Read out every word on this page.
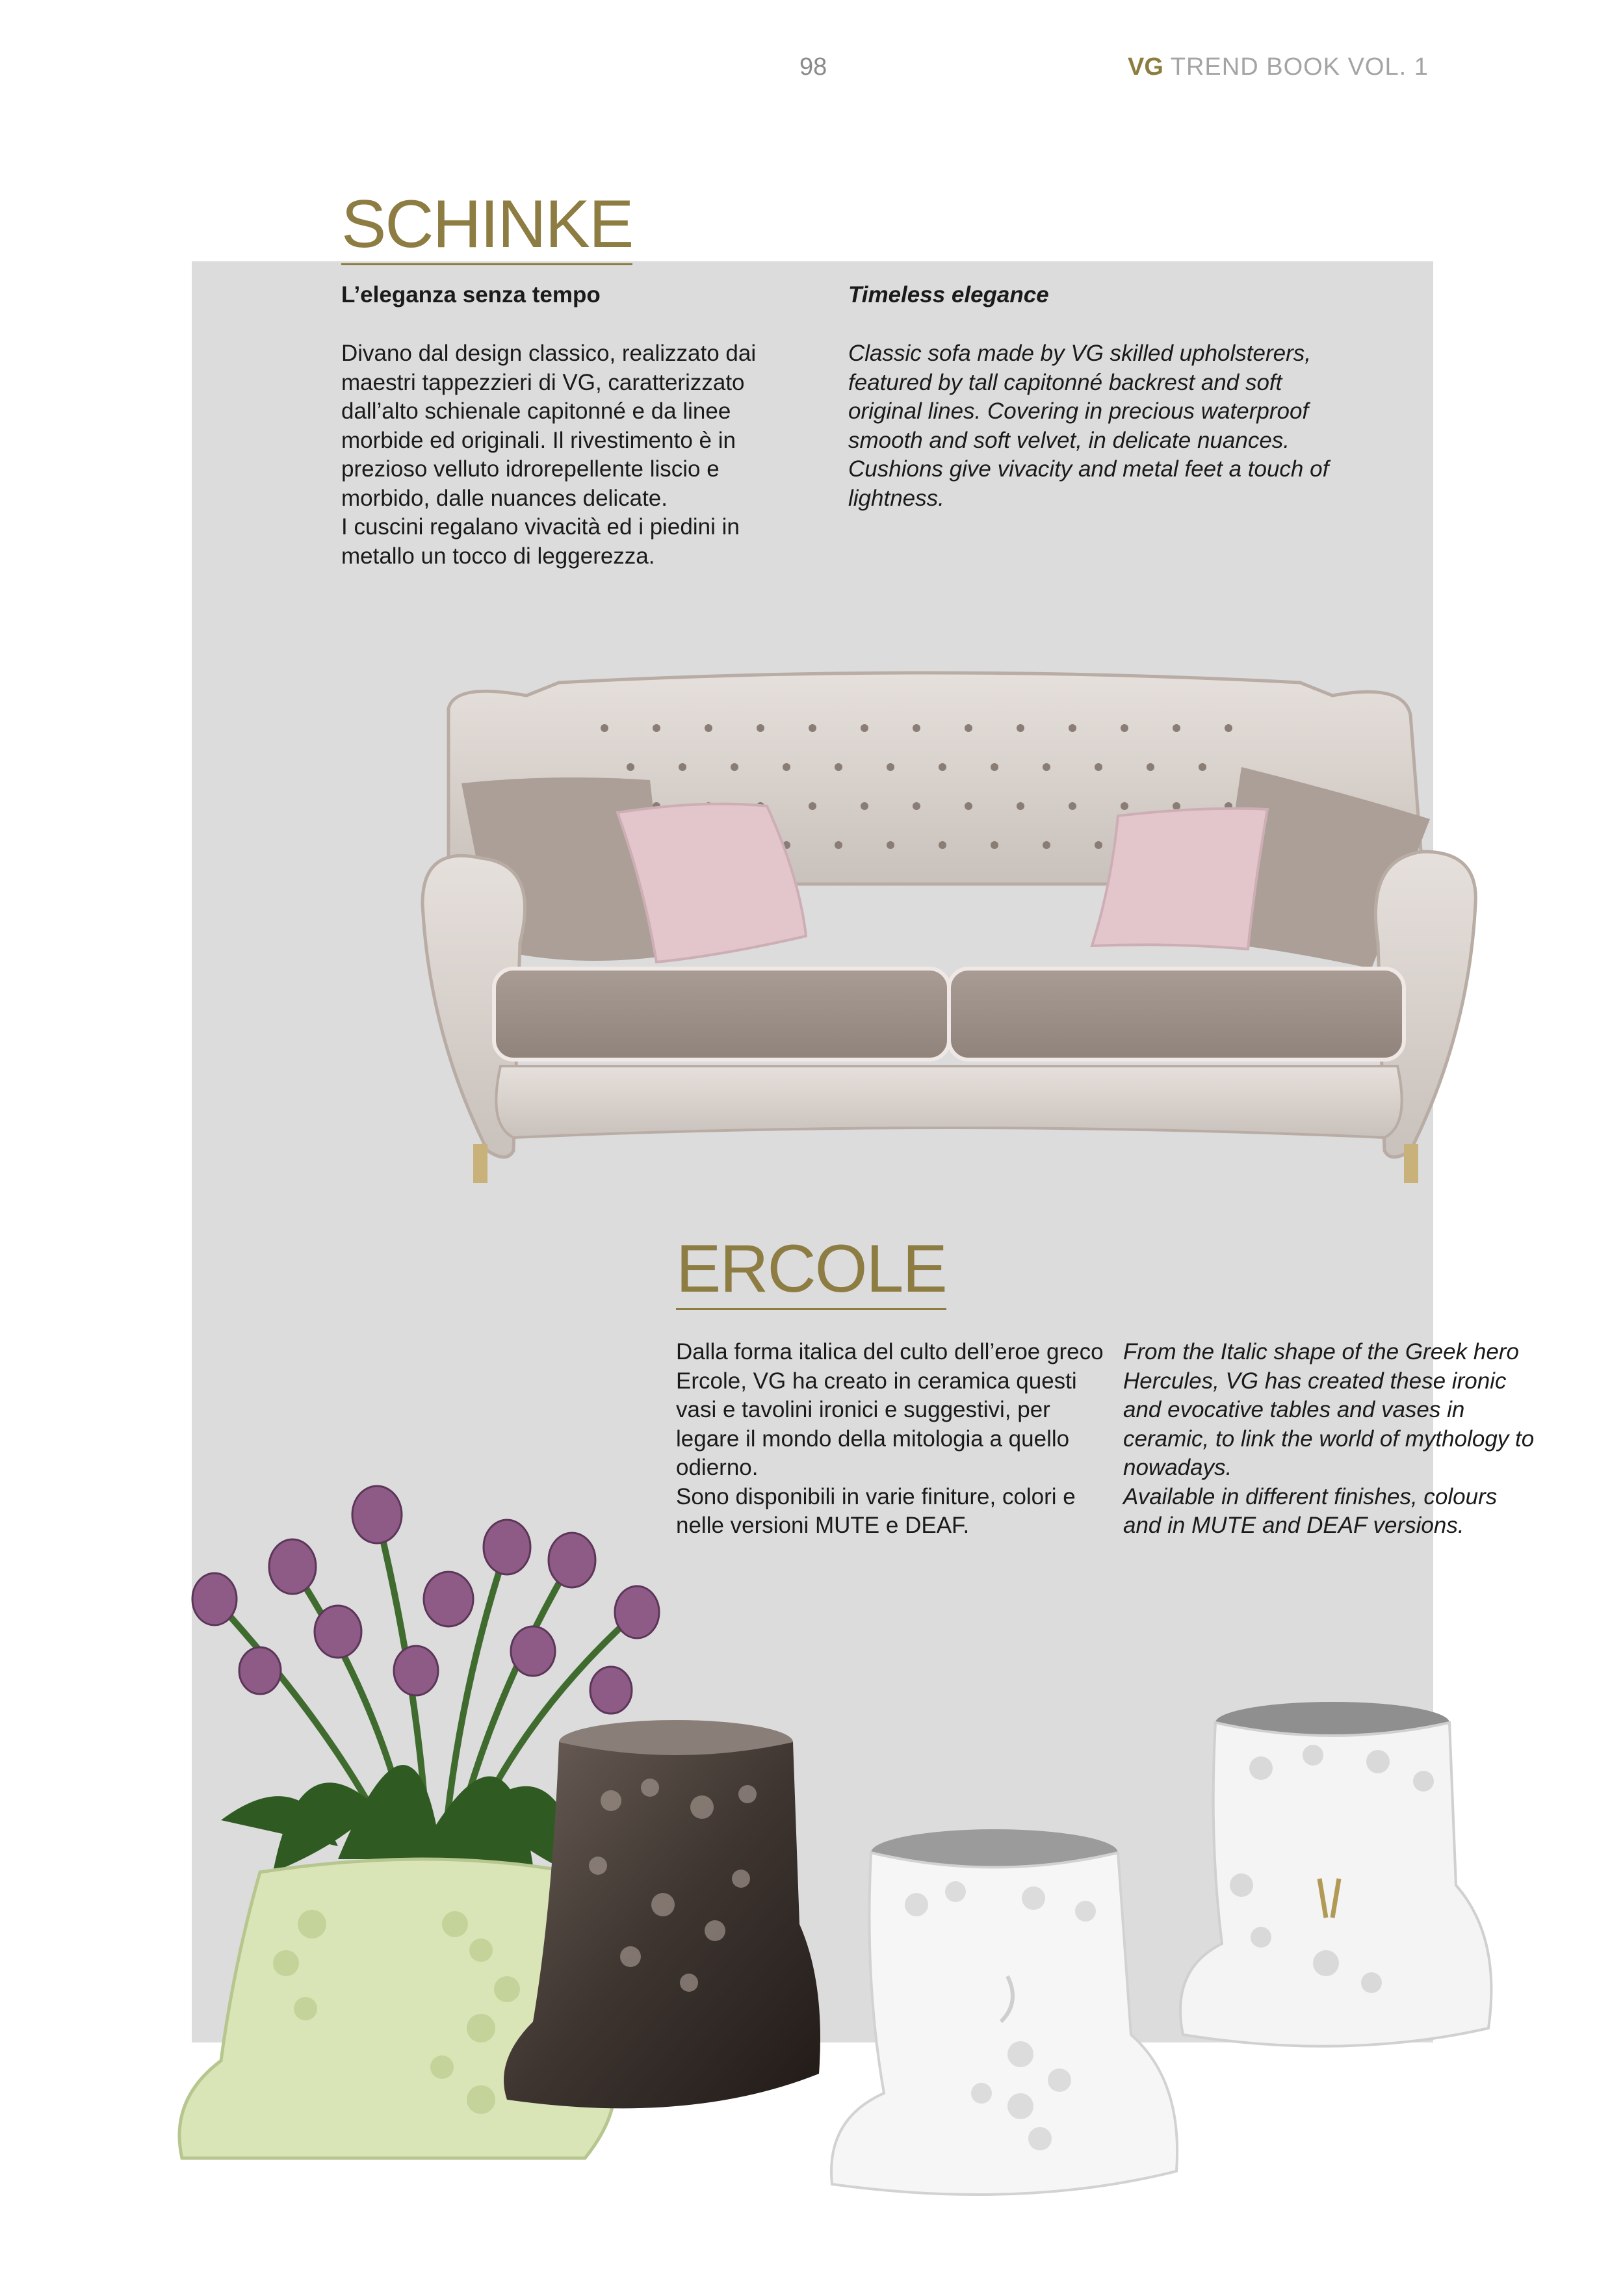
98	VG TREND BOOK VOL. 1
SCHINKE
L’eleganza senza tempo	Timeless elegance
Divano dal design classico, realizzato dai maestri tappezzieri di VG, caratterizzato dall’alto schienale capitonné e da linee morbide ed originali. Il rivestimento è in prezioso velluto idrorepellente liscio e morbido, dalle nuances delicate.
I cuscini regalano vivacità ed i piedini in metallo un tocco di leggerezza.
Classic sofa made by VG skilled upholsterers, featured by tall capitonné backrest and soft original lines. Covering in precious waterproof smooth and soft velvet, in delicate nuances. Cushions give vivacity and metal feet a touch of lightness.
ERCOLE
Dalla forma italica del culto dell’eroe greco Ercole, VG ha creato in ceramica questi vasi e tavolini ironici e suggestivi, per legare il mondo della mitologia a quello odierno.
Sono disponibili in varie finiture, colori e nelle versioni MUTE e DEAF.
From the Italic shape of the Greek hero Hercules, VG has created these ironic and evocative tables and vases in ceramic, to link the world of mythology to nowadays.
Available in different finishes, colours and in MUTE and DEAF versions.
